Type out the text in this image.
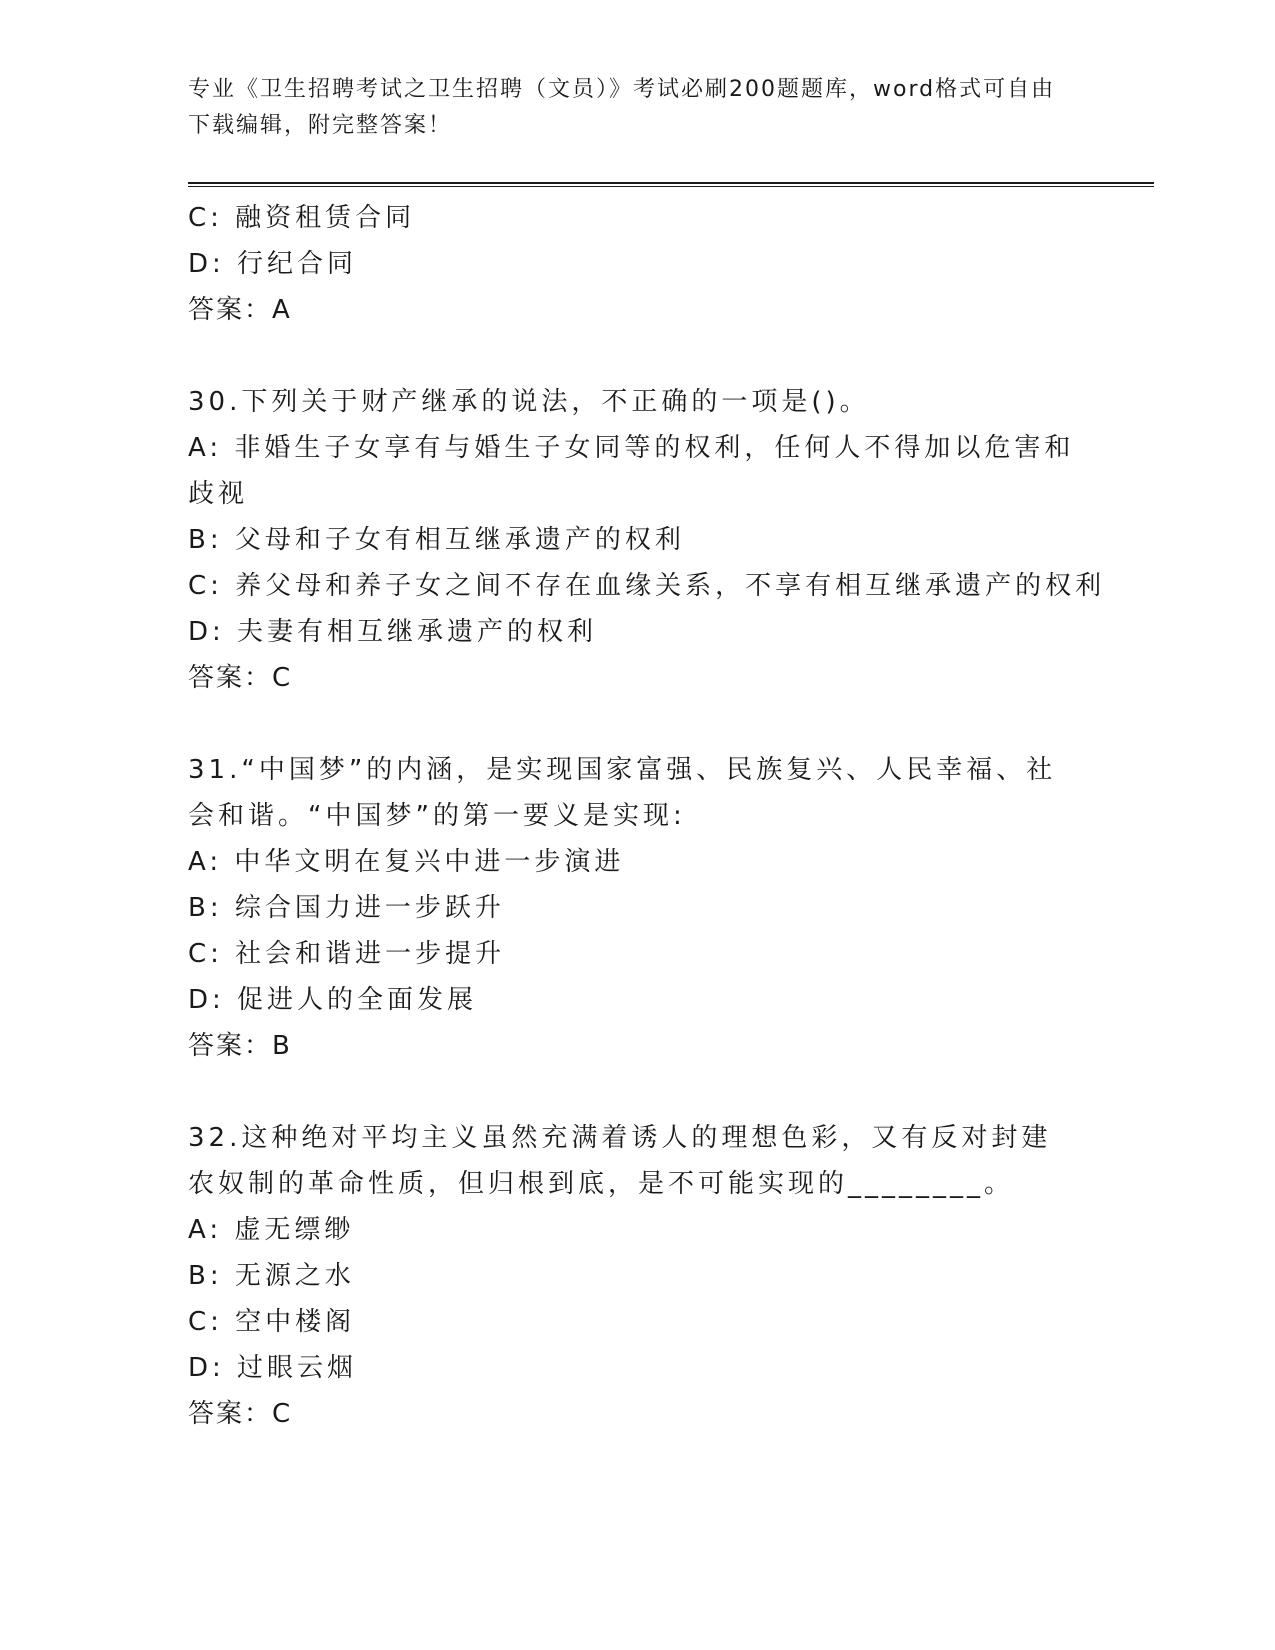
专业《卫生招聘考试之卫生招聘（文员）》考试必刷200题题库，word格式可自由下载编辑，附完整答案！

C: 融资租赁合同

D: 行纪合同

答案：A

30.下列关于财产继承的说法，不正确的一项是()。

A: 非婚生子女享有与婚生子女同等的权利，任何人不得加以危害和歧视

B: 父母和子女有相互继承遗产的权利

C: 养父母和养子女之间不存在血缘关系，不享有相互继承遗产的权利

D: 夫妻有相互继承遗产的权利

答案：C

31.“中国梦”的内涵，是实现国家富强、民族复兴、人民幸福、社会和谐。“中国梦”的第一要义是实现:

A: 中华文明在复兴中进一步演进

B: 综合国力进一步跃升

C: 社会和谐进一步提升

D: 促进人的全面发展

答案：B

32.这种绝对平均主义虽然充满着诱人的理想色彩，又有反对封建农奴制的革命性质，但归根到底，是不可能实现的________。

A: 虚无缥缈

B: 无源之水

C: 空中楼阁

D: 过眼云烟

答案：C
